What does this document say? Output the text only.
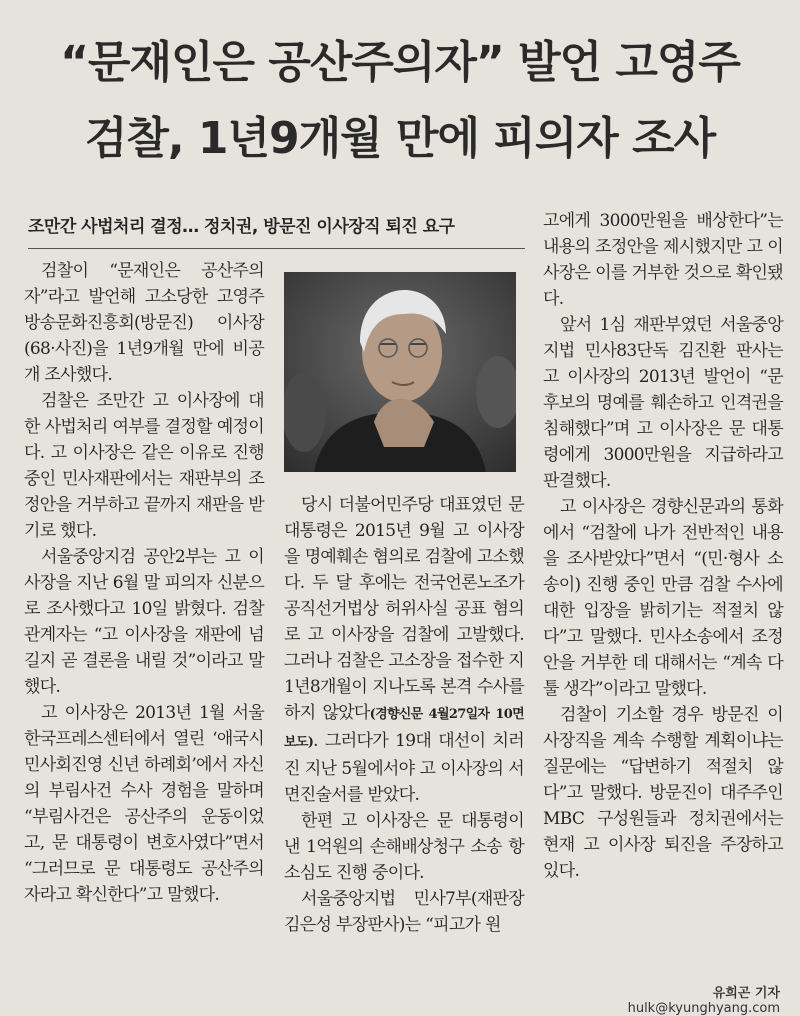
“문재인은 공산주의자” 발언 고영주
검찰, 1년9개월 만에 피의자 조사
조만간 사법처리 결정… 정치권, 방문진 이사장직 퇴진 요구

검찰이 “문재인은 공산주의자”라고 발언해 고소당한 고영주 방송문화진흥회(방문진) 이사장(68·사진)을 1년9개월 만에 비공개 조사했다.

검찰은 조만간 고 이사장에 대한 사법처리 여부를 결정할 예정이다. 고 이사장은 같은 이유로 진행 중인 민사재판에서는 재판부의 조정안을 거부하고 끝까지 재판을 받기로 했다.

서울중앙지검 공안2부는 고 이사장을 지난 6월 말 피의자 신분으로 조사했다고 10일 밝혔다. 검찰 관계자는 “고 이사장을 재판에 넘길지 곧 결론을 내릴 것”이라고 말했다.

고 이사장은 2013년 1월 서울 한국프레스센터에서 열린 ‘애국시민사회진영 신년 하례회’에서 자신의 부림사건 수사 경험을 말하며 “부림사건은 공산주의 운동이었고, 문 대통령이 변호사였다”면서 “그러므로 문 대통령도 공산주의자라고 확신한다”고 말했다.

당시 더불어민주당 대표였던 문 대통령은 2015년 9월 고 이사장을 명예훼손 혐의로 검찰에 고소했다. 두 달 후에는 전국언론노조가 공직선거법상 허위사실 공표 혐의로 고 이사장을 검찰에 고발했다. 그러나 검찰은 고소장을 접수한 지 1년8개월이 지나도록 본격 수사를 하지 않았다(경향신문 4월27일자 10면 보도). 그러다가 19대 대선이 치러진 지난 5월에서야 고 이사장의 서면진술서를 받았다.

한편 고 이사장은 문 대통령이 낸 1억원의 손해배상청구 소송 항소심도 진행 중이다.

서울중앙지법 민사7부(재판장 김은성 부장판사)는 “피고가 원

고에게 3000만원을 배상한다”는 내용의 조정안을 제시했지만 고 이사장은 이를 거부한 것으로 확인됐다.

앞서 1심 재판부였던 서울중앙지법 민사83단독 김진환 판사는 고 이사장의 2013년 발언이 “문 후보의 명예를 훼손하고 인격권을 침해했다”며 고 이사장은 문 대통령에게 3000만원을 지급하라고 판결했다.

고 이사장은 경향신문과의 통화에서 “검찰에 나가 전반적인 내용을 조사받았다”면서 “(민·형사 소송이) 진행 중인 만큼 검찰 수사에 대한 입장을 밝히기는 적절치 않다”고 말했다. 민사소송에서 조정안을 거부한 데 대해서는 “계속 다툴 생각”이라고 말했다.

검찰이 기소할 경우 방문진 이사장직을 계속 수행할 계획이냐는 질문에는 “답변하기 적절치 않다”고 말했다. 방문진이 대주주인 MBC 구성원들과 정치권에서는 현재 고 이사장 퇴진을 주장하고 있다.

유희곤 기자 hulk@kyunghyang.com
